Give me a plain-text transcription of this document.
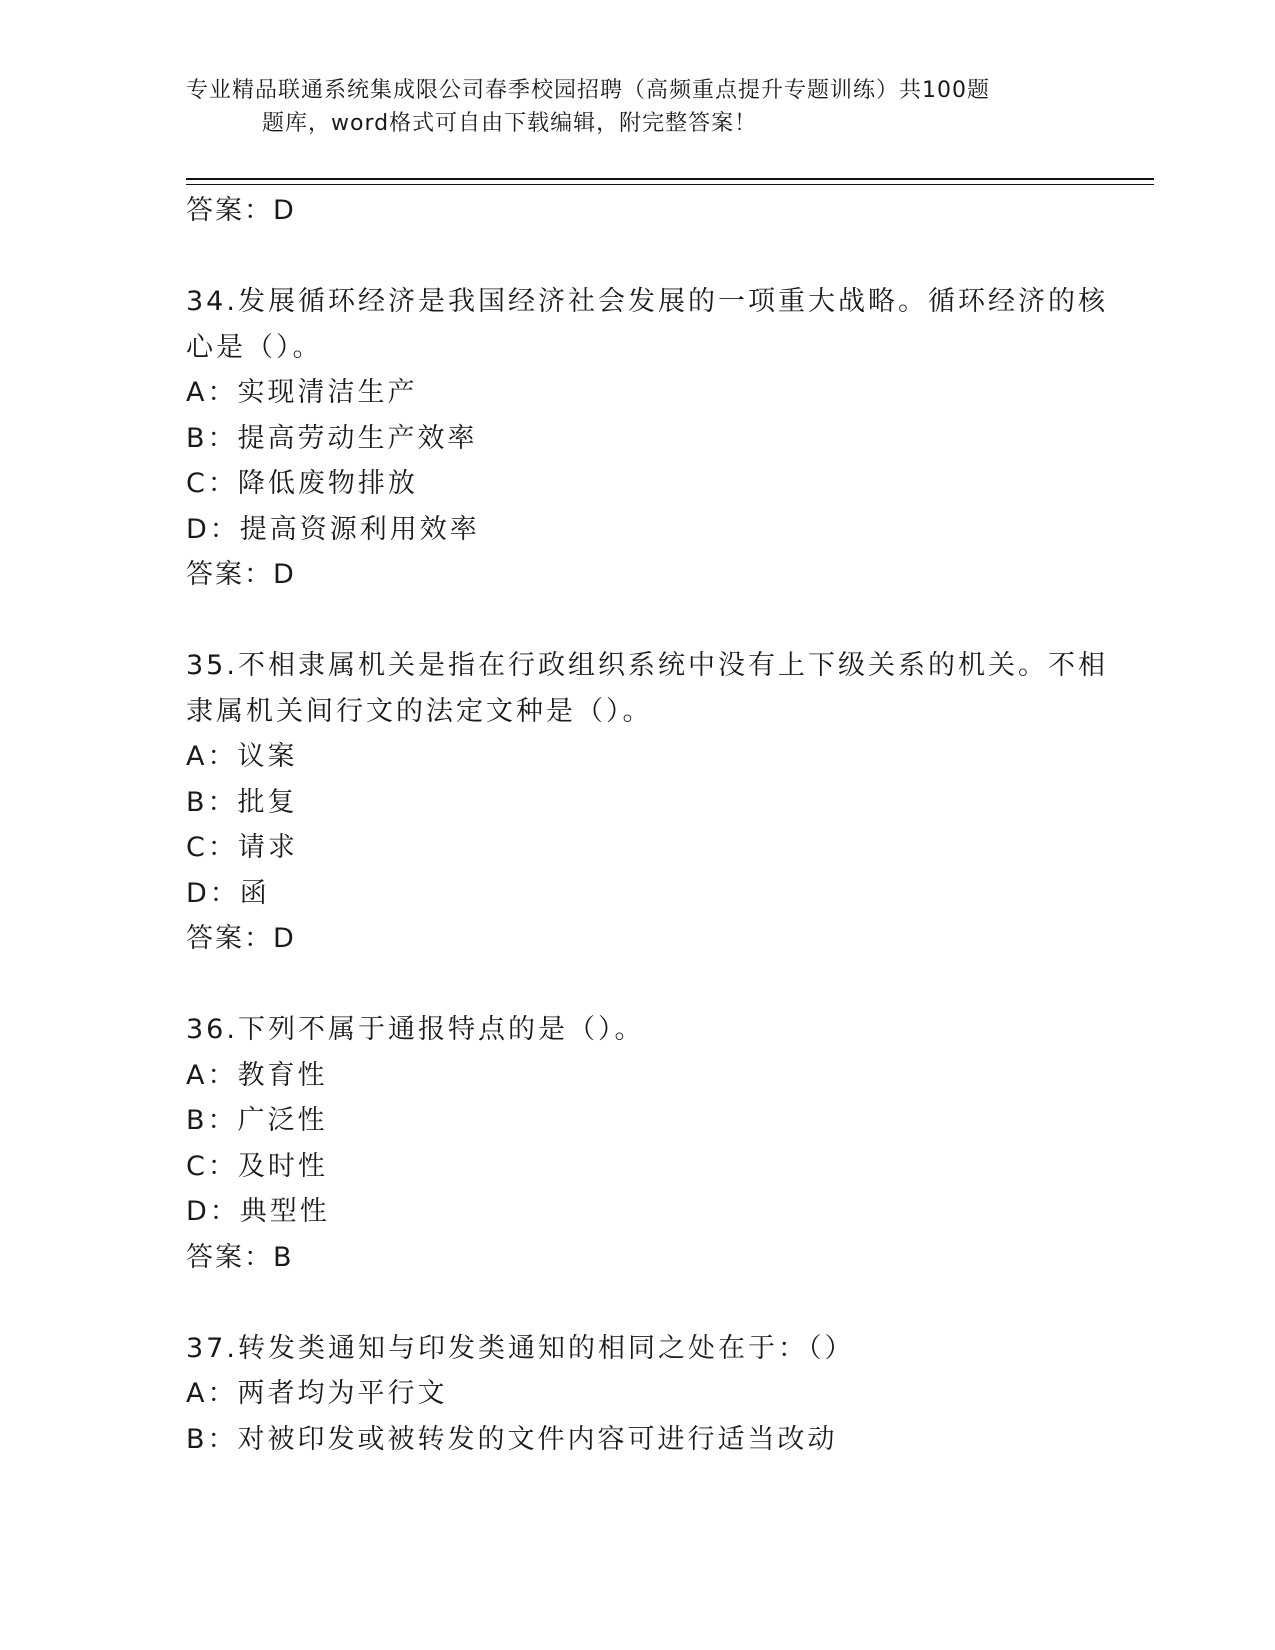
专业精品联通系统集成限公司春季校园招聘（高频重点提升专题训练）共100题
题库，word格式可自由下载编辑，附完整答案！
答案：D
34.发展循环经济是我国经济社会发展的一项重大战略。循环经济的核
心是（）。
A：实现清洁生产
B：提高劳动生产效率
C：降低废物排放
D：提高资源利用效率
答案：D
35.不相隶属机关是指在行政组织系统中没有上下级关系的机关。不相
隶属机关间行文的法定文种是（）。
A：议案
B：批复
C：请求
D：函
答案：D
36.下列不属于通报特点的是（）。
A：教育性
B：广泛性
C：及时性
D：典型性
答案：B
37.转发类通知与印发类通知的相同之处在于：（）
A：两者均为平行文
B：对被印发或被转发的文件内容可进行适当改动
